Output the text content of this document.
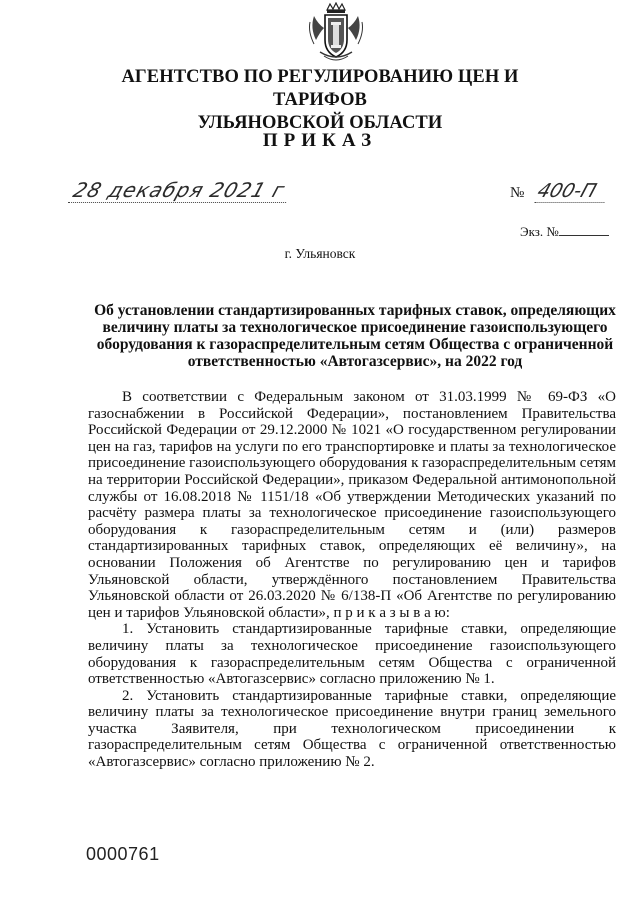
АГЕНТСТВО ПО РЕГУЛИРОВАНИЮ ЦЕН И ТАРИФОВ
УЛЬЯНОВСКОЙ ОБЛАСТИ
ПРИКАЗ
28 декабря 2021 г	№ 400-П
Экз. №
г. Ульяновск
Об установлении стандартизированных тарифных ставок, определяющих величину платы за технологическое присоединение газоиспользующего оборудования к газораспределительным сетям Общества с ограниченной ответственностью «Автогазсервис», на 2022 год

В соответствии с Федеральным законом от 31.03.1999 № 69-ФЗ «О газоснабжении в Российской Федерации», постановлением Правительства Российской Федерации от 29.12.2000 № 1021 «О государственном регулировании цен на газ, тарифов на услуги по его транспортировке и платы за технологическое присоединение газоиспользующего оборудования к газораспределительным сетям на территории Российской Федерации», приказом Федеральной антимонопольной службы от 16.08.2018 № 1151/18 «Об утверждении Методических указаний по расчёту размера платы за технологическое присоединение газоиспользующего оборудования к газораспределительным сетям и (или) размеров стандартизированных тарифных ставок, определяющих её величину», на основании Положения об Агентстве по регулированию цен и тарифов Ульяновской области, утверждённого постановлением Правительства Ульяновской области от 26.03.2020 № 6/138-П «Об Агентстве по регулированию цен и тарифов Ульяновской области», п р и к а з ы в а ю:

1. Установить стандартизированные тарифные ставки, определяющие величину платы за технологическое присоединение газоиспользующего оборудования к газораспределительным сетям Общества с ограниченной ответственностью «Автогазсервис» согласно приложению № 1.

2. Установить стандартизированные тарифные ставки, определяющие величину платы за технологическое присоединение внутри границ земельного участка Заявителя, при технологическом присоединении к газораспределительным сетям Общества с ограниченной ответственностью «Автогазсервис» согласно приложению № 2.

0000761
